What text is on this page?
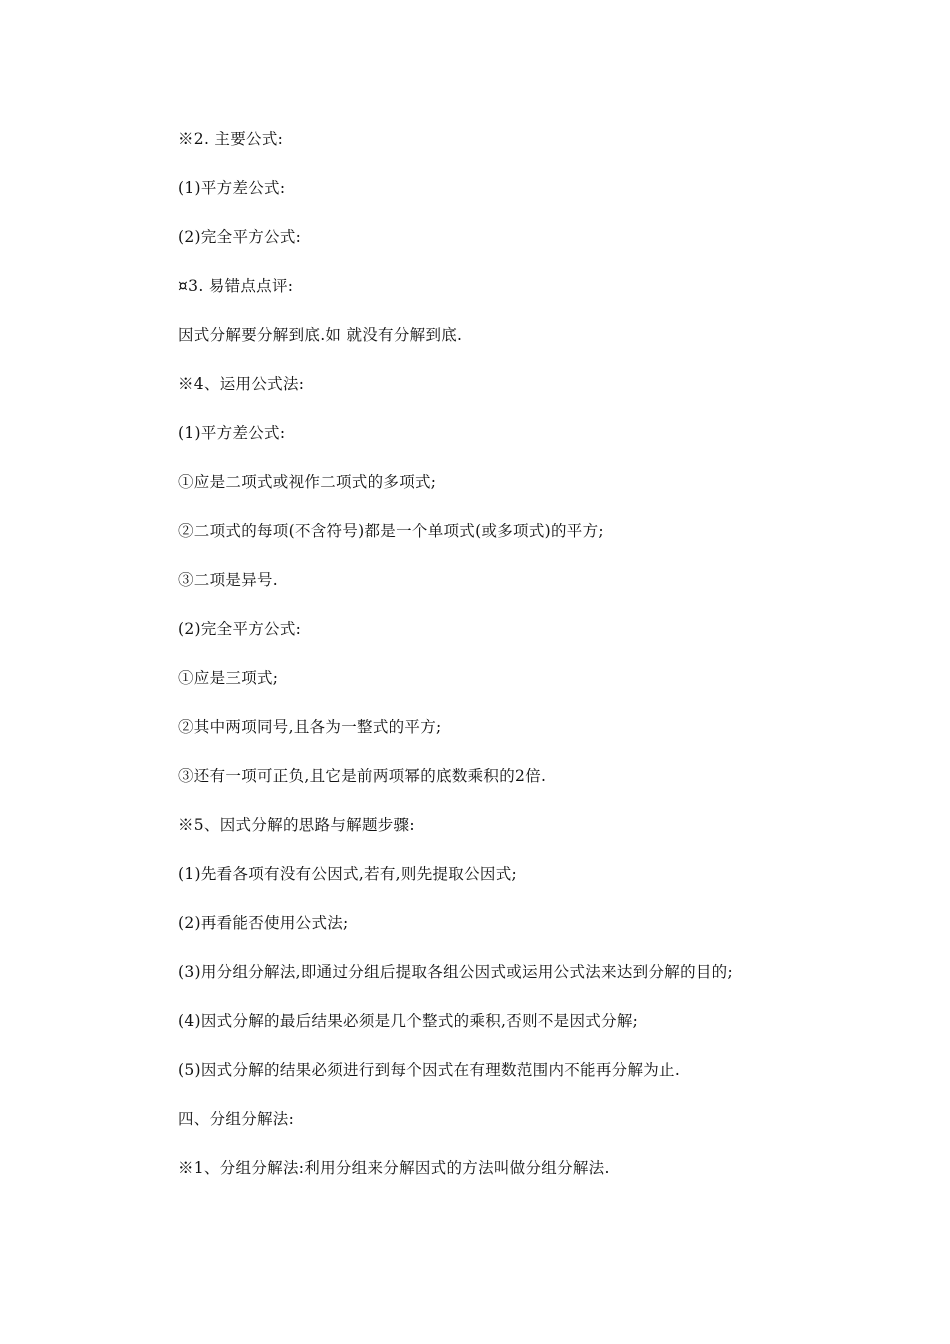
※2. 主要公式:
(1)平方差公式:
(2)完全平方公式:
¤3. 易错点点评:
因式分解要分解到底.如 就没有分解到底.
※4、运用公式法:
(1)平方差公式:
①应是二项式或视作二项式的多项式;
②二项式的每项(不含符号)都是一个单项式(或多项式)的平方;
③二项是异号.
(2)完全平方公式:
①应是三项式;
②其中两项同号,且各为一整式的平方;
③还有一项可正负,且它是前两项幂的底数乘积的2倍.
※5、因式分解的思路与解题步骤:
(1)先看各项有没有公因式,若有,则先提取公因式;
(2)再看能否使用公式法;
(3)用分组分解法,即通过分组后提取各组公因式或运用公式法来达到分解的目的;
(4)因式分解的最后结果必须是几个整式的乘积,否则不是因式分解;
(5)因式分解的结果必须进行到每个因式在有理数范围内不能再分解为止.
四、分组分解法:
※1、分组分解法:利用分组来分解因式的方法叫做分组分解法.
